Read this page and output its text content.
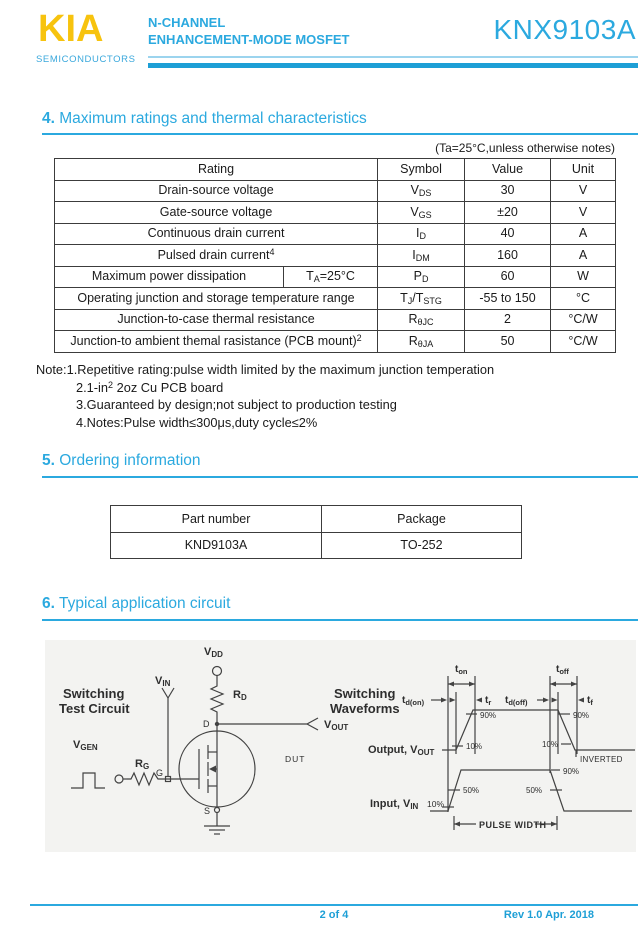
KIA
SEMICONDUCTORS
N-CHANNEL
ENHANCEMENT-MODE MOSFET	KNX9103A
4. Maximum ratings and thermal characteristics
(Ta=25°C,unless otherwise notes)
Rating		Symbol	Value	Unit
Drain-source voltage		$V_{DS}$	30	V
Gate-source voltage		$V_{GS}$	±20	V
Continuous drain current		$I_D$	40	A
Pulsed drain current$^4$		$I_{DM}$	160	A
Maximum power dissipation	$T_A=25^\circ C$	$P_D$	60	W
Operating junction and storage temperature range		$T_J/T_{STG}$	-55 to 150	°C
Junction-to-case thermal resistance		$R_{\theta JC}$	2	°C/W
Junction-to ambient themal rasistance (PCB mount)$^2$		$R_{\theta JA}$	50	°C/W
Note:1.Repetitive rating:pulse width limited by the maximum junction temperation
$2.1-in^2$ 2oz Cu PCB board
3.Guaranteed by design;not subject to production testing
4.Notes:Pulse width≤300μs,duty cycle≤2%
5. Ordering information
Part number	Package
KND9103A	TO-252
6. Typical application circuit
Switching
Test Circuit
VDD
RD
D	VOUT
DUT
VGEN
RG
G
VIN
S
Switching
Waveforms
$t_{on}$	$t_{off}$
$t_{d(on)}$	$t_r$ $t_{d(off)}$	$t_f$
Output, VOUT
90%
10%
90%
10%
INVERTED
Input, VIN 10%
50%	50%
90%
PULSE WIDTH
2 of 4	Rev 1.0 Apr. 2018
